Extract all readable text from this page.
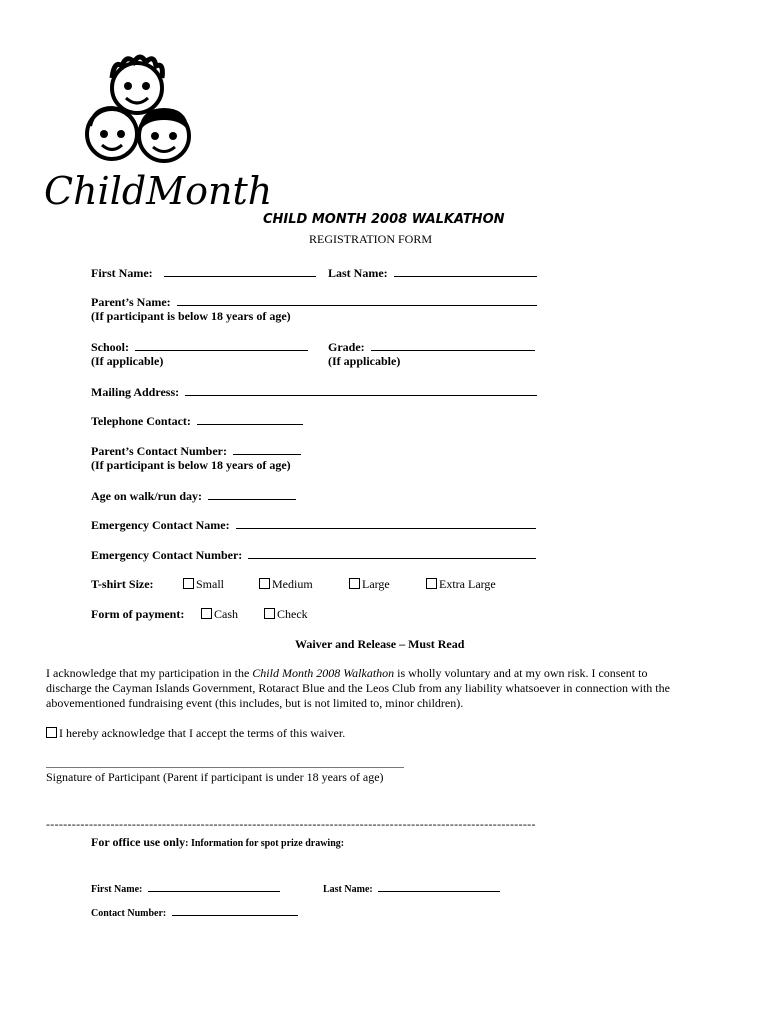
ChildMonth
CHILD MONTH 2008 WALKATHON
REGISTRATION FORM
First Name:	Last Name:
Parent’s Name:
(If participant is below 18 years of age)
School:
(If applicable)
Grade:
(If applicable)
Mailing Address:
Telephone Contact:
Parent’s Contact Number:
(If participant is below 18 years of age)
Age on walk/run day:
Emergency Contact Name:
Emergency Contact Number:
T-shirt Size:	Small	Medium	Large	Extra Large
Form of payment:	Cash	Check
Waiver and Release – Must Read
I acknowledge that my participation in the Child Month 2008 Walkathon is wholly voluntary and at my own risk. I consent to
discharge the Cayman Islands Government, Rotaract Blue and the Leos Club from any liability whatsoever in connection with the
abovementioned fundraising event (this includes, but is not limited to, minor children).
I hereby acknowledge that I accept the terms of this waiver.
Signature of Participant (Parent if participant is under 18 years of age)
------------------------------------------------------------------------------------------------------------------
For office use only: Information for spot prize drawing:
First Name:	Last Name:
Contact Number:
